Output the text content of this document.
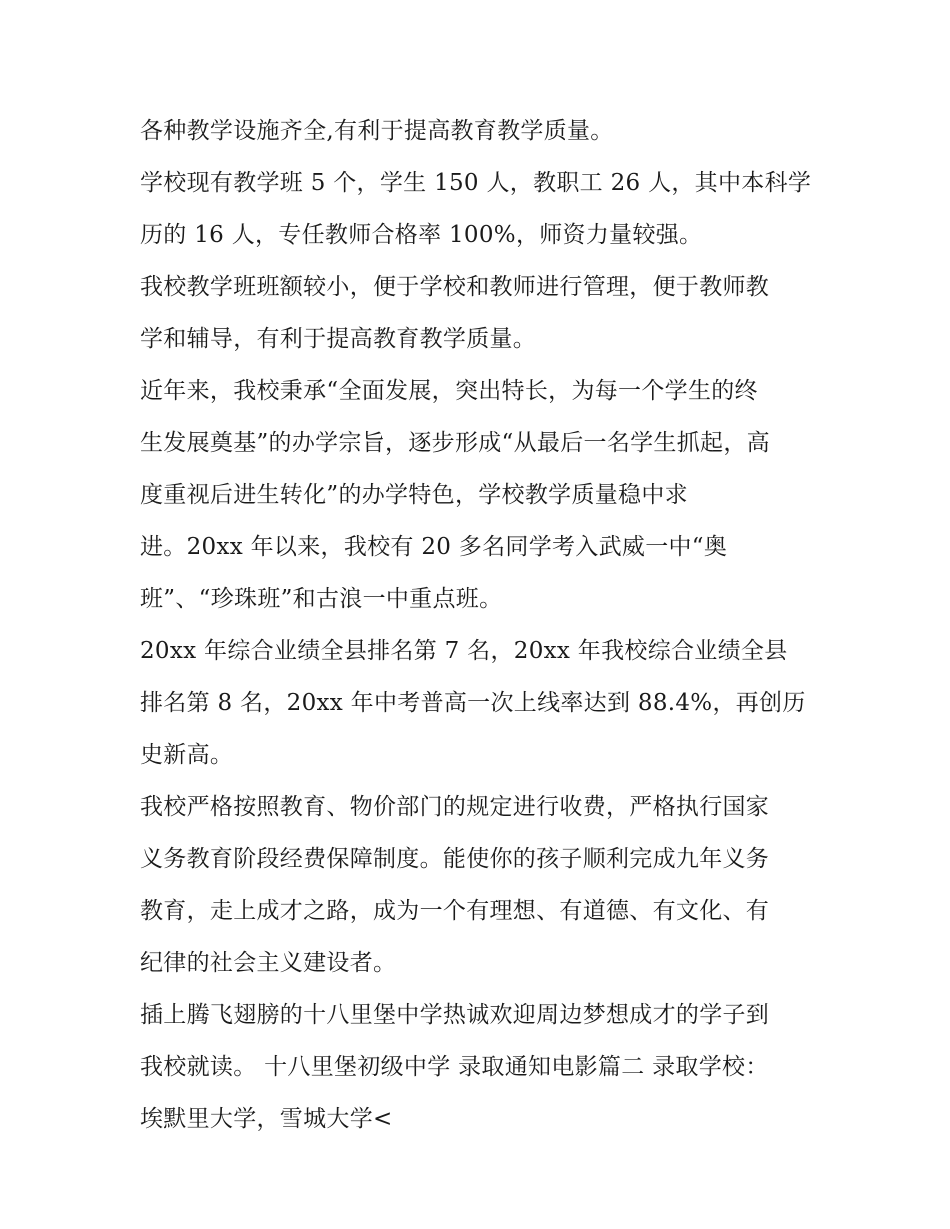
各种教学设施齐全,有利于提高教育教学质量。
学校现有教学班 5 个，学生 150 人，教职工 26 人，其中本科学
历的 16 人，专任教师合格率 100%，师资力量较强。
我校教学班班额较小，便于学校和教师进行管理，便于教师教
学和辅导，有利于提高教育教学质量。
近年来，我校秉承“全面发展，突出特长，为每一个学生的终
生发展奠基”的办学宗旨，逐步形成“从最后一名学生抓起，高
度重视后进生转化”的办学特色，学校教学质量稳中求
进。20xx 年以来，我校有 20 多名同学考入武威一中“奥
班”、“珍珠班”和古浪一中重点班。
20xx 年综合业绩全县排名第 7 名，20xx 年我校综合业绩全县
排名第 8 名，20xx 年中考普高一次上线率达到 88.4%，再创历
史新高。
我校严格按照教育、物价部门的规定进行收费，严格执行国家
义务教育阶段经费保障制度。能使你的孩子顺利完成九年义务
教育，走上成才之路，成为一个有理想、有道德、有文化、有
纪律的社会主义建设者。
插上腾飞翅膀的十八里堡中学热诚欢迎周边梦想成才的学子到
我校就读。 十八里堡初级中学 录取通知电影篇二 录取学校：
埃默里大学，雪城大学<
